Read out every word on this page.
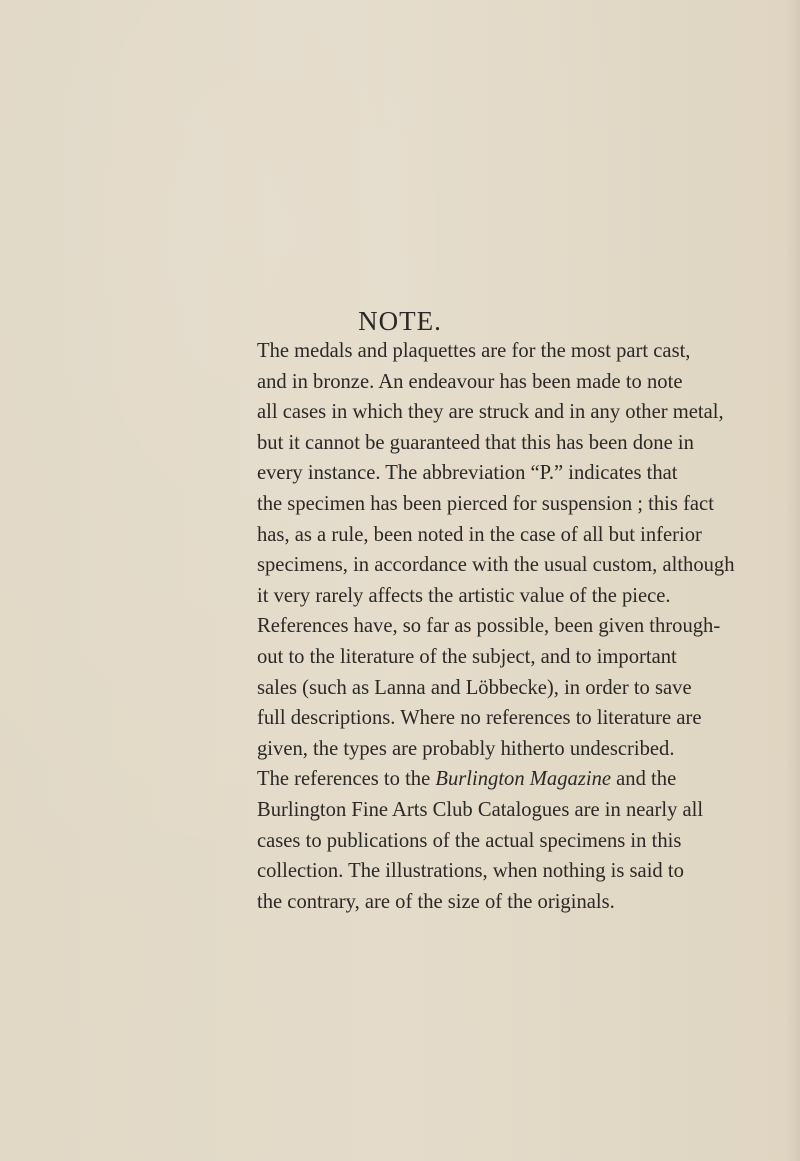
NOTE.
The medals and plaquettes are for the most part cast,
and in bronze. An endeavour has been made to note
all cases in which they are struck and in any other metal,
but it cannot be guaranteed that this has been done in
every instance. The abbreviation “P.” indicates that
the specimen has been pierced for suspension ; this fact
has, as a rule, been noted in the case of all but inferior
specimens, in accordance with the usual custom, although
it very rarely affects the artistic value of the piece.
References have, so far as possible, been given through-
out to the literature of the subject, and to important
sales (such as Lanna and Löbbecke), in order to save
full descriptions. Where no references to literature are
given, the types are probably hitherto undescribed.
The references to the Burlington Magazine and the
Burlington Fine Arts Club Catalogues are in nearly all
cases to publications of the actual specimens in this
collection. The illustrations, when nothing is said to
the contrary, are of the size of the originals.
